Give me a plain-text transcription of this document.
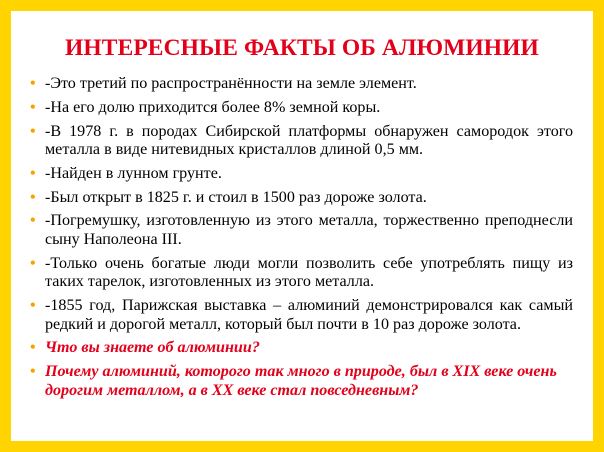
ИНТЕРЕСНЫЕ ФАКТЫ ОБ АЛЮМИНИИ
• -Это третий по распространённости на земле элемент.
• -На его долю приходится более 8% земной коры.
• -В 1978 г. в породах Сибирской платформы обнаружен самородок этого металла в виде нитевидных кристаллов длиной 0,5 мм.
• -Найден в лунном грунте.
• -Был открыт в 1825 г. и стоил в 1500 раз дороже золота.
• -Погремушку, изготовленную из этого металла, торжественно преподнесли сыну Наполеона III.
• -Только очень богатые люди могли позволить себе употреблять пищу из таких тарелок, изготовленных из этого металла.
• -1855 год, Парижская выставка – алюминий демонстрировался как самый редкий и дорогой металл, который был почти в 10 раз дороже золота.
• Что вы знаете об алюминии?
• Почему алюминий, которого так много в природе, был в XIX веке очень дорогим металлом, а в XX веке стал повседневным?
